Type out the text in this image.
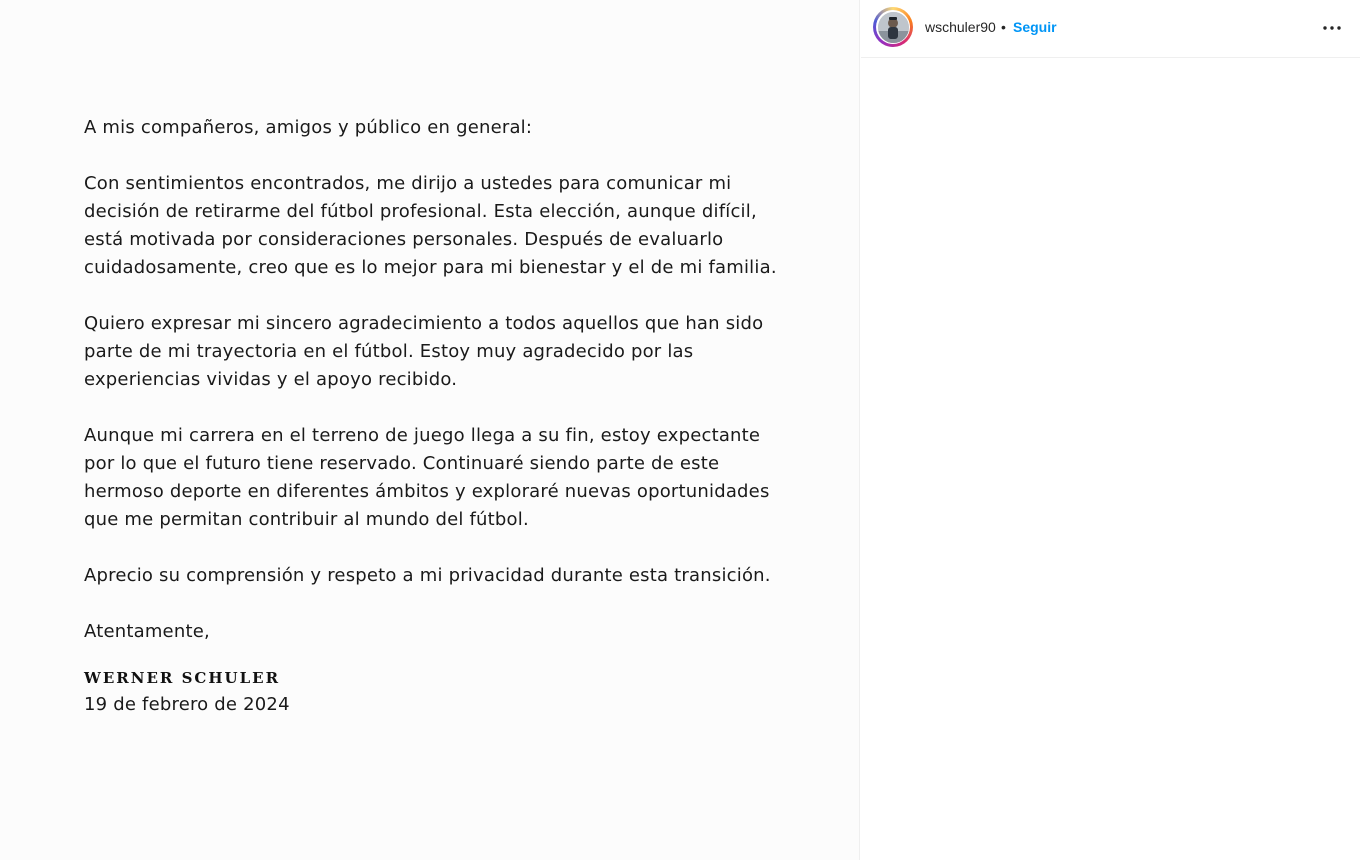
A mis compañeros, amigos y público en general:

Con sentimientos encontrados, me dirijo a ustedes para comunicar mi decisión de retirarme del fútbol profesional. Esta elección, aunque difícil, está motivada por consideraciones personales. Después de evaluarlo cuidadosamente, creo que es lo mejor para mi bienestar y el de mi familia.

Quiero expresar mi sincero agradecimiento a todos aquellos que han sido parte de mi trayectoria en el fútbol. Estoy muy agradecido por las experiencias vividas y el apoyo recibido.

Aunque mi carrera en el terreno de juego llega a su fin, estoy expectante por lo que el futuro tiene reservado. Continuaré siendo parte de este hermoso deporte en diferentes ámbitos y exploraré nuevas oportunidades que me permitan contribuir al mundo del fútbol.

Aprecio su comprensión y respeto a mi privacidad durante esta transición.

Atentamente,

WERNER SCHULER

19 de febrero de 2024

wschuler90 • Seguir
